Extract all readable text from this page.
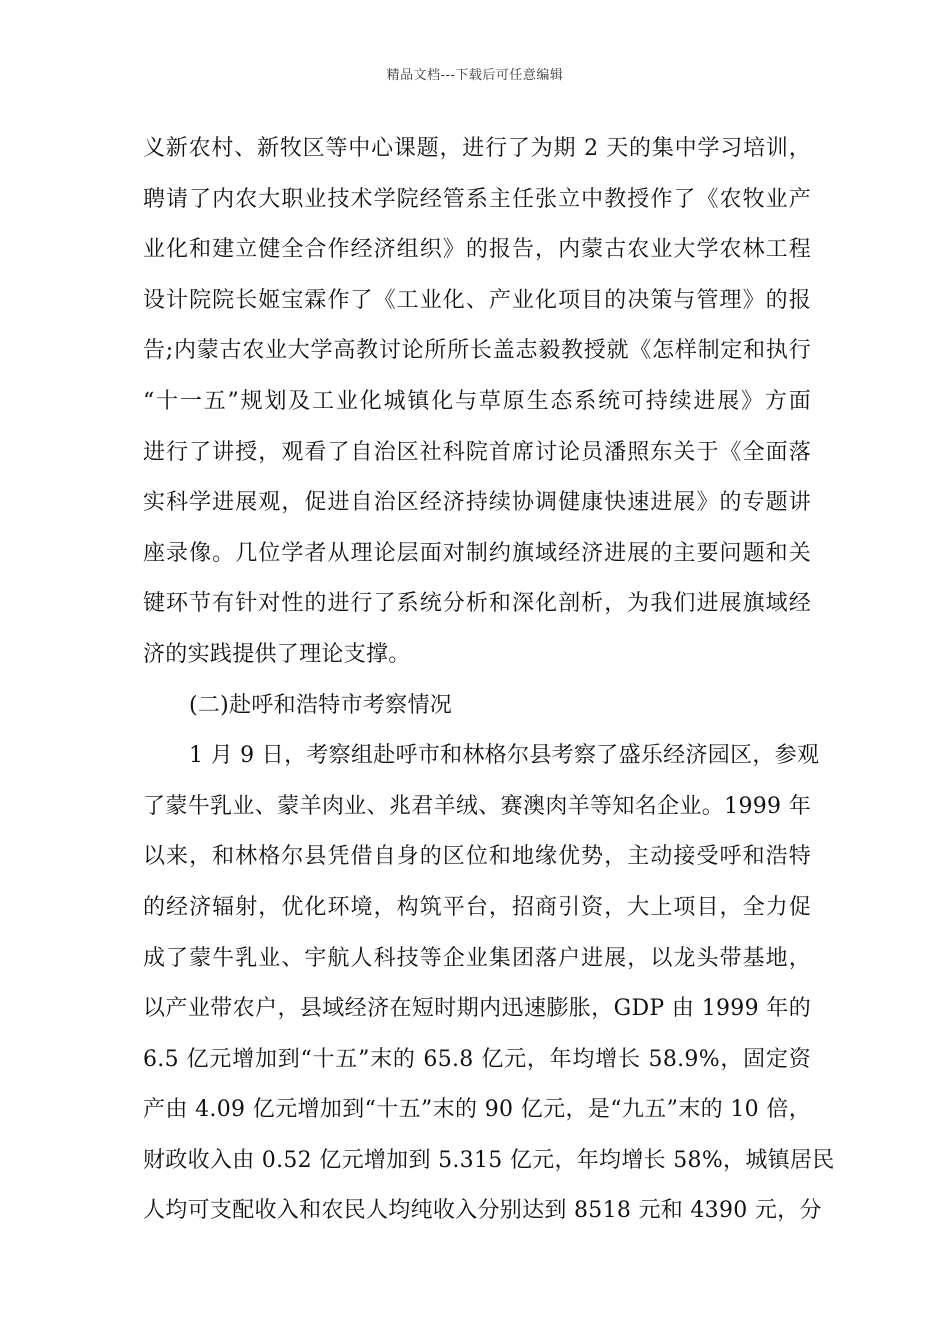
精品文档---下载后可任意编辑
义新农村、新牧区等中心课题，进行了为期 2 天的集中学习培训，
聘请了内农大职业技术学院经管系主任张立中教授作了《农牧业产
业化和建立健全合作经济组织》的报告，内蒙古农业大学农林工程
设计院院长姬宝霖作了《工业化、产业化项目的决策与管理》的报
告;内蒙古农业大学高教讨论所所长盖志毅教授就《怎样制定和执行
“十一五”规划及工业化城镇化与草原生态系统可持续进展》方面
进行了讲授，观看了自治区社科院首席讨论员潘照东关于《全面落
实科学进展观，促进自治区经济持续协调健康快速进展》的专题讲
座录像。几位学者从理论层面对制约旗域经济进展的主要问题和关
键环节有针对性的进行了系统分析和深化剖析，为我们进展旗域经
济的实践提供了理论支撑。
(二)赴呼和浩特市考察情况
1 月 9 日，考察组赴呼市和林格尔县考察了盛乐经济园区，参观
了蒙牛乳业、蒙羊肉业、兆君羊绒、赛澳肉羊等知名企业。1999 年
以来，和林格尔县凭借自身的区位和地缘优势，主动接受呼和浩特
的经济辐射，优化环境，构筑平台，招商引资，大上项目，全力促
成了蒙牛乳业、宇航人科技等企业集团落户进展，以龙头带基地，
以产业带农户，县域经济在短时期内迅速膨胀，GDP 由 1999 年的
6.5 亿元增加到“十五”末的 65.8 亿元，年均增长 58.9%，固定资
产由 4.09 亿元增加到“十五”末的 90 亿元，是“九五”末的 10 倍，
财政收入由 0.52 亿元增加到 5.315 亿元，年均增长 58%，城镇居民
人均可支配收入和农民人均纯收入分别达到 8518 元和 4390 元，分
